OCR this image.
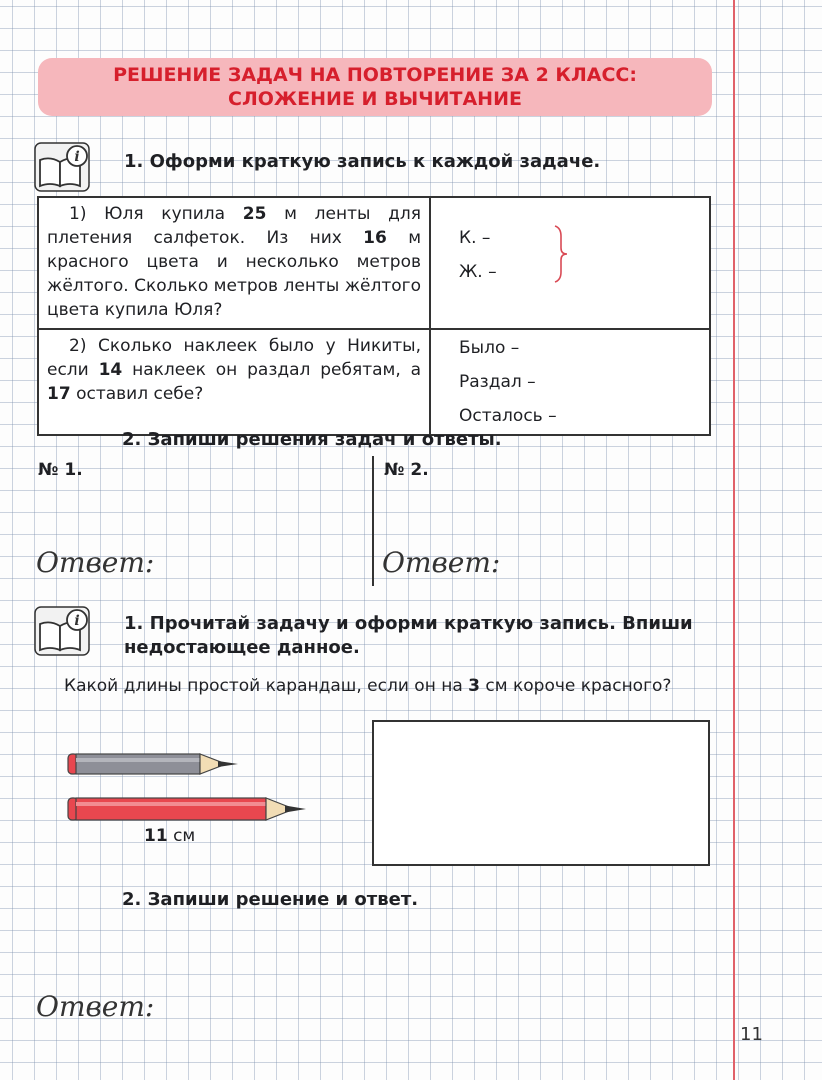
РЕШЕНИЕ ЗАДАЧ НА ПОВТОРЕНИЕ ЗА 2 КЛАСС:
СЛОЖЕНИЕ И ВЫЧИТАНИЕ
i 1. Оформи краткую запись к каждой задаче.
1) Юля купила 25 м ленты для плетения салфеток. Из них 16 м красного цвета и несколько метров жёлтого. Сколько метров ленты жёлтого цвета купила Юля?	К. –
Ж. –

2) Сколько наклеек было у Никиты, если 14 наклеек он раздал ребятам, а 17 оставил себе?	Было –
Раздал –
Осталось –
2. Запиши решения задач и ответы.
№ 1.	№ 2.
Ответ:	Ответ:
i 1. Прочитай задачу и оформи краткую запись. Впиши
недостающее данное.
Какой длины простой карандаш, если он на 3 см короче красного?
11 см
2. Запиши решение и ответ.
Ответ:
11
